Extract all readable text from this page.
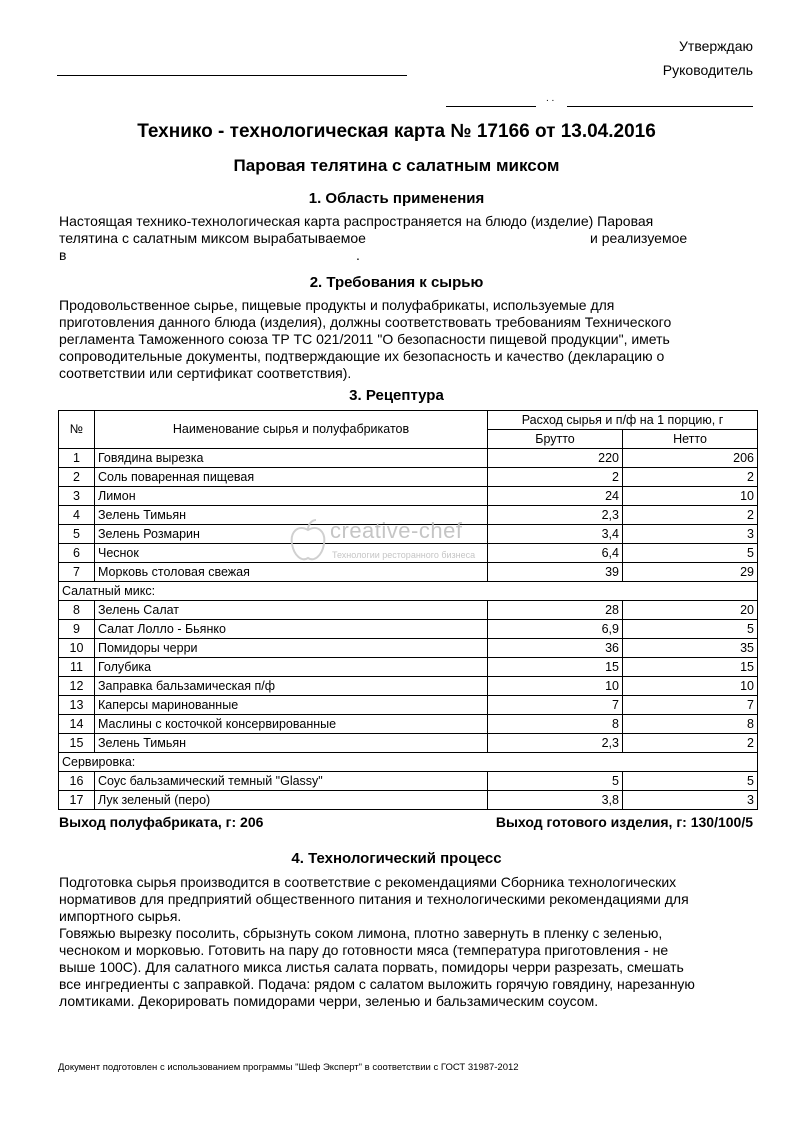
Утверждаю
Руководитель
. .
Технико - технологическая карта № 17166 от 13.04.2016
Паровая телятина с салатным миксом
1. Область применения
Настоящая технико-технологическая карта распространяется на блюдо (изделие) Паровая
телятина с салатным миксом вырабатываемое	и реализуемое
в	.
2. Требования к сырью
Продовольственное сырье, пищевые продукты и полуфабрикаты, используемые для
приготовления данного блюда (изделия), должны соответствовать требованиям Технического
регламента Таможенного союза ТР ТС 021/2011 "О безопасности пищевой продукции", иметь
сопроводительные документы, подтверждающие их безопасность и качество (декларацию о
соответствии или сертификат соответствия).
3. Рецептура
№	Наименование сырья и полуфабрикатов	Расход сырья и п/ф на 1 порцию, г	
		Брутто	Нетто
1	Говядина вырезка	220	206
2	Соль поваренная пищевая	2	2
3	Лимон	24	10
4	Зелень Тимьян	2,3	2
5	Зелень Розмарин	3,4	3
6	Чеснок	6,4	5
7	Морковь столовая свежая	39	29
Салатный микс:			
8	Зелень Салат	28	20
9	Салат Лолло - Бьянко	6,9	5
10	Помидоры черри	36	35
11	Голубика	15	15
12	Заправка бальзамическая п/ф	10	10
13	Каперсы маринованные	7	7
14	Маслины с косточкой консервированные	8	8
15	Зелень Тимьян	2,3	2
Сервировка:			
16	Соус бальзамический темный "Glassy"	5	5
17	Лук зеленый (перо)	3,8	3
creative-chef
Технологии ресторанного бизнеса
Выход полуфабриката, г: 206	Выход готового изделия, г: 130/100/5
4. Технологический процесс
Подготовка сырья производится в соответствие с рекомендациями Сборника технологических
нормативов для предприятий общественного питания и технологическими рекомендациями для
импортного сырья.
Говяжью вырезку посолить, сбрызнуть соком лимона, плотно завернуть в пленку с зеленью,
чесноком и морковью. Готовить на пару до готовности мяса (температура приготовления - не
выше 100С). Для салатного микса листья салата порвать, помидоры черри разрезать, смешать
все ингредиенты с заправкой. Подача: рядом с салатом выложить горячую говядину, нарезанную
ломтиками. Декорировать помидорами черри, зеленью и бальзамическим соусом.
Документ подготовлен с использованием программы "Шеф Эксперт" в соответствии с ГОСТ 31987-2012
